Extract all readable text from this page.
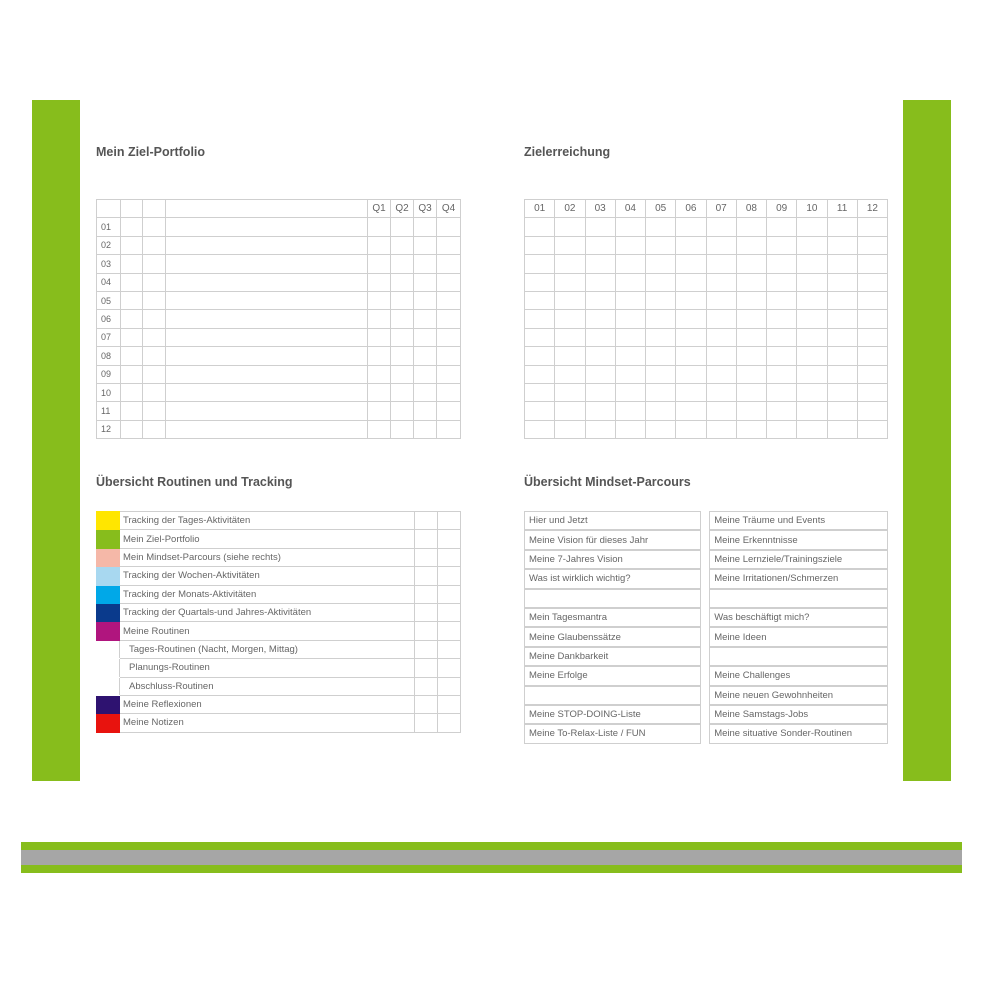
Mein Ziel-Portfolio	Zielerreichung
Übersicht Routinen und Tracking	Übersicht Mindset-Parcours
				Q1	Q2	Q3	Q4
01							
02							
03							
04							
05							
06							
07							
08							
09							
10							
11							
12							
01	02	03	04	05	06	07	08	09	10	11	12

	Tracking der Tages-Aktivitäten		
	Mein Ziel-Portfolio		
	Mein Mindset-Parcours (siehe rechts)		
	Tracking der Wochen-Aktivitäten		
	Tracking der Monats-Aktivitäten		
	Tracking der Quartals-und Jahres-Aktivitäten		
	Meine Routinen		
	Tages-Routinen (Nacht, Morgen, Mittag)		
	Planungs-Routinen		
	Abschluss-Routinen		
	Meine Reflexionen		
	Meine Notizen		
Hier und Jetzt	Meine Träume und Events
Meine Vision für dieses Jahr	Meine Erkenntnisse
Meine 7-Jahres Vision	Meine Lernziele/Trainingsziele
Was ist wirklich wichtig?	Meine Irritationen/Schmerzen

Mein Tagesmantra	Was beschäftigt mich?
Meine Glaubenssätze	Meine Ideen
Meine Dankbarkeit	
Meine Erfolge	Meine Challenges
	Meine neuen Gewohnheiten
Meine STOP-DOING-Liste	Meine Samstags-Jobs
Meine To-Relax-Liste / FUN	Meine situative Sonder-Routinen
